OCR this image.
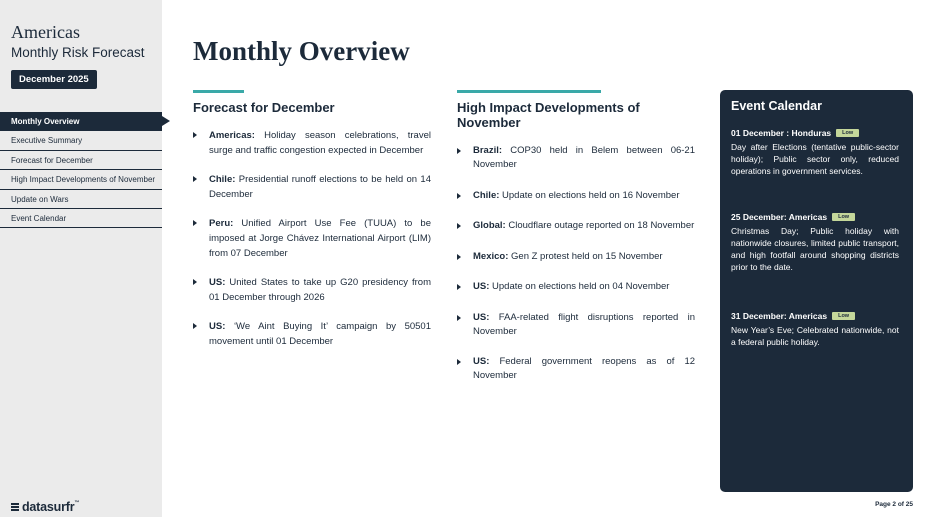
Americas
Monthly Risk Forecast
December 2025
Monthly Overview
Executive Summary
Forecast for December
High Impact Developments of November
Update on Wars
Event Calendar
datasurfr™
Monthly Overview
Forecast for December
Americas: Holiday season celebrations, travel surge and traffic congestion expected in December
Chile: Presidential runoff elections to be held on 14 December
Peru: Unified Airport Use Fee (TUUA) to be imposed at Jorge Chávez International Airport (LIM) from 07 December
US: United States to take up G20 presidency from 01 December through 2026
US: ‘We Aint Buying It’ campaign by 50501 movement until 01 December
High Impact Developments of November
Brazil: COP30 held in Belem between 06-21 November
Chile: Update on elections held on 16 November
Global: Cloudflare outage reported on 18 November
Mexico: Gen Z protest held on 15 November
US: Update on elections held on 04 November
US: FAA-related flight disruptions reported in November
US: Federal government reopens as of 12 November
Event Calendar
01 December : Honduras	Low
Day after Elections (tentative public-sector holiday); Public sector only, reduced operations in government services.
25 December: Americas	Low
Christmas Day; Public holiday with nationwide closures, limited public transport, and high footfall around shopping districts prior to the date.
31 December: Americas	Low
New Year’s Eve; Celebrated nationwide, not a federal public holiday.
Page 2 of 25
